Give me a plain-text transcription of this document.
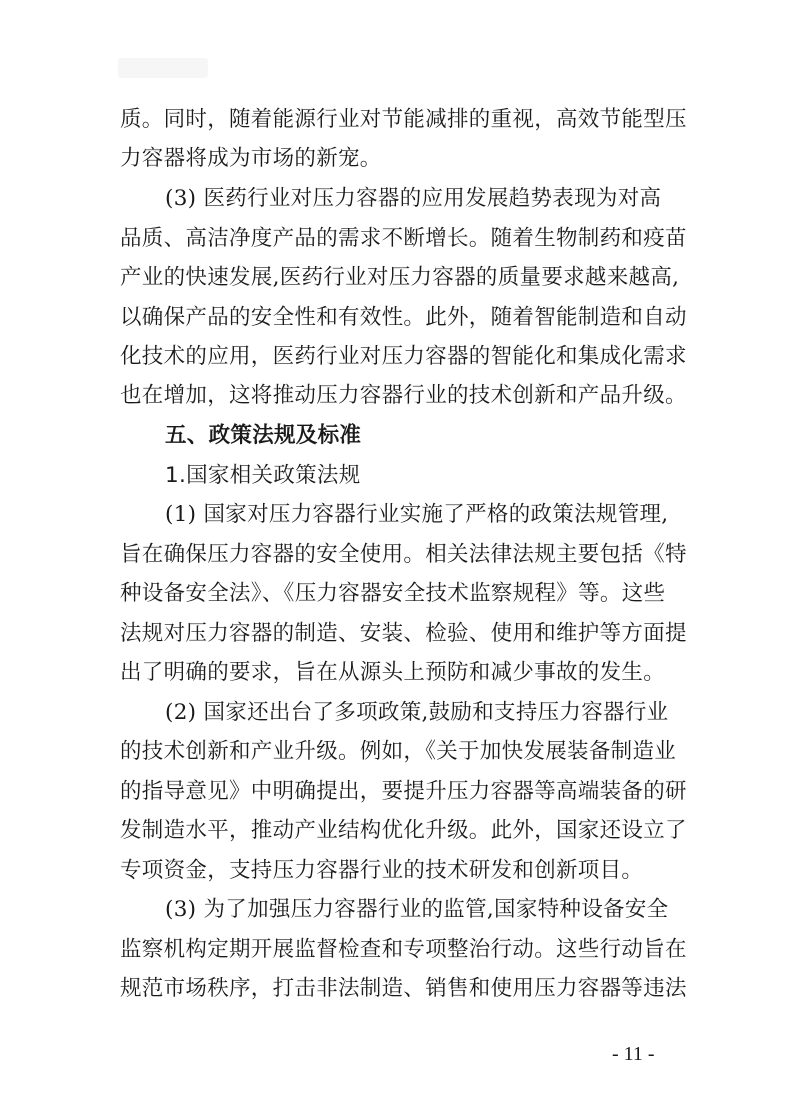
质。同时，随着能源行业对节能减排的重视，高效节能型压
力容器将成为市场的新宠。
(3) 医药行业对压力容器的应用发展趋势表现为对高
品质、高洁净度产品的需求不断增长。随着生物制药和疫苗
产业的快速发展,医药行业对压力容器的质量要求越来越高,
以确保产品的安全性和有效性。此外，随着智能制造和自动
化技术的应用，医药行业对压力容器的智能化和集成化需求
也在增加，这将推动压力容器行业的技术创新和产品升级。
五、政策法规及标准
1.国家相关政策法规
(1) 国家对压力容器行业实施了严格的政策法规管理,
旨在确保压力容器的安全使用。相关法律法规主要包括《特
种设备安全法》、《压力容器安全技术监察规程》等。这些
法规对压力容器的制造、安装、检验、使用和维护等方面提
出了明确的要求，旨在从源头上预防和减少事故的发生。
(2) 国家还出台了多项政策,鼓励和支持压力容器行业
的技术创新和产业升级。例如，《关于加快发展装备制造业
的指导意见》中明确提出，要提升压力容器等高端装备的研
发制造水平，推动产业结构优化升级。此外，国家还设立了
专项资金，支持压力容器行业的技术研发和创新项目。
(3) 为了加强压力容器行业的监管,国家特种设备安全
监察机构定期开展监督检查和专项整治行动。这些行动旨在
规范市场秩序，打击非法制造、销售和使用压力容器等违法
- 11 -
